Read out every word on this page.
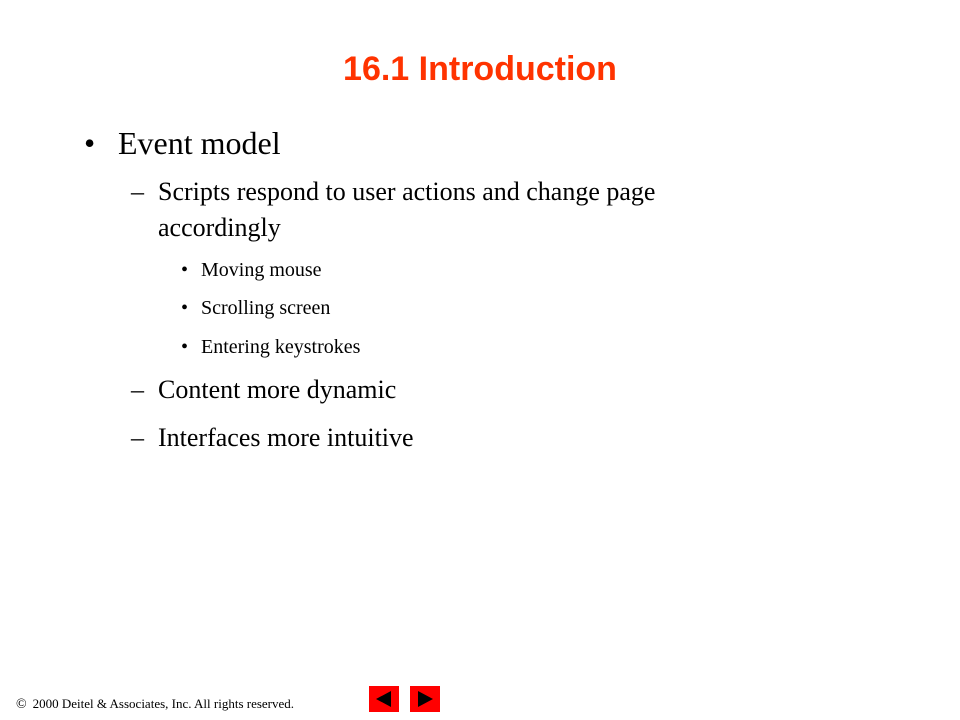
16.1 Introduction
• Event model
– Scripts respond to user actions and change page
accordingly
• Moving mouse
• Scrolling screen
• Entering keystrokes
– Content more dynamic
– Interfaces more intuitive
© 2000 Deitel & Associates, Inc. All rights reserved.
